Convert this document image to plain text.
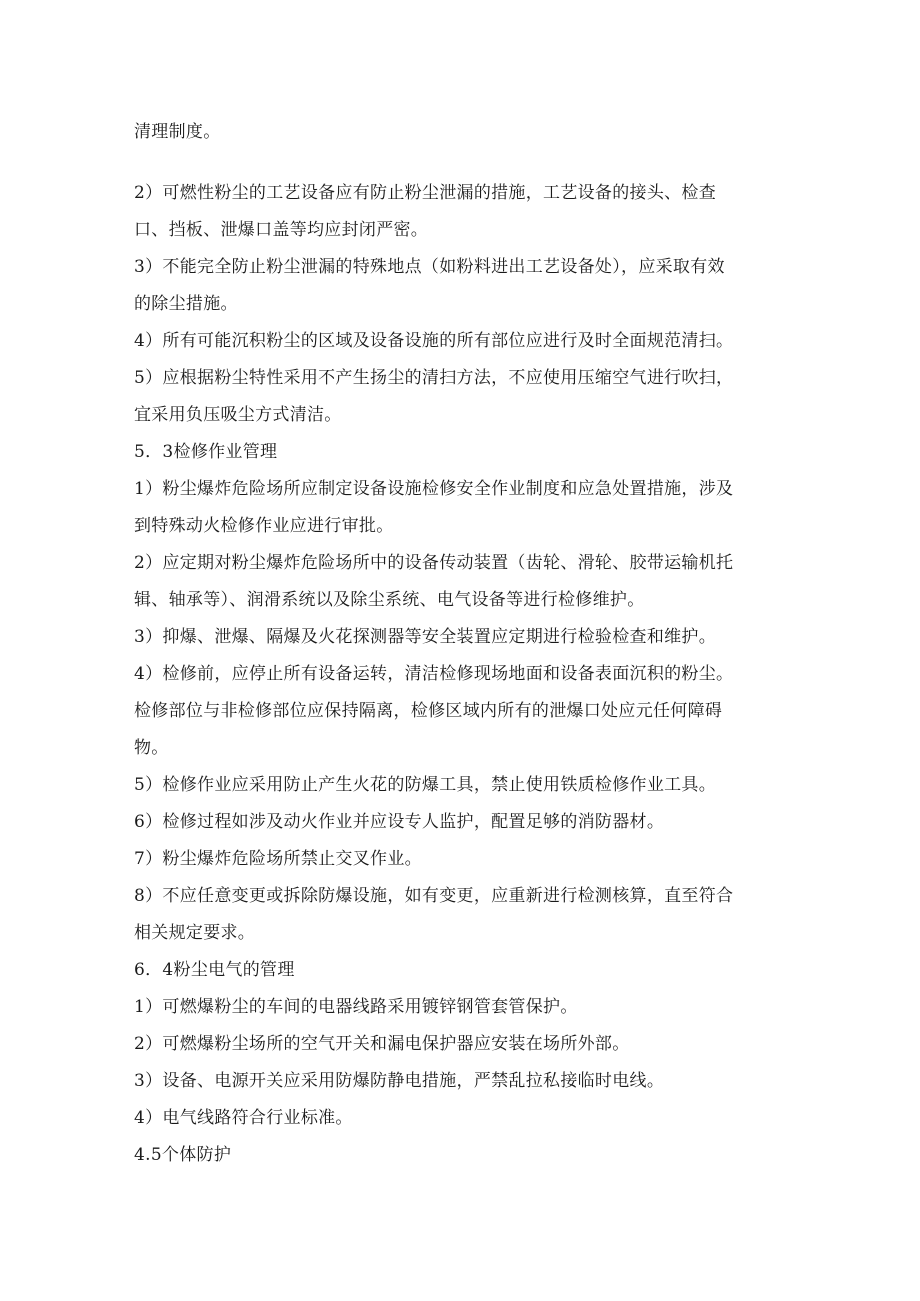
清理制度。
2）可燃性粉尘的工艺设备应有防止粉尘泄漏的措施，工艺设备的接头、检查
口、挡板、泄爆口盖等均应封闭严密。
3）不能完全防止粉尘泄漏的特殊地点（如粉料进出工艺设备处），应采取有效
的除尘措施。
4）所有可能沉积粉尘的区域及设备设施的所有部位应进行及时全面规范清扫。
5）应根据粉尘特性采用不产生扬尘的清扫方法，不应使用压缩空气进行吹扫，
宜采用负压吸尘方式清洁。
5．3检修作业管理
1）粉尘爆炸危险场所应制定设备设施检修安全作业制度和应急处置措施，涉及
到特殊动火检修作业应进行审批。
2）应定期对粉尘爆炸危险场所中的设备传动装置（齿轮、滑轮、胶带运输机托
辑、轴承等）、润滑系统以及除尘系统、电气设备等进行检修维护。
3）抑爆、泄爆、隔爆及火花探测器等安全装置应定期进行检验检查和维护。
4）检修前，应停止所有设备运转，清洁检修现场地面和设备表面沉积的粉尘。
检修部位与非检修部位应保持隔离，检修区域内所有的泄爆口处应元任何障碍
物。
5）检修作业应采用防止产生火花的防爆工具，禁止使用铁质检修作业工具。
6）检修过程如涉及动火作业并应设专人监护，配置足够的消防器材。
7）粉尘爆炸危险场所禁止交叉作业。
8）不应任意变更或拆除防爆设施，如有变更，应重新进行检测核算，直至符合
相关规定要求。
6．4粉尘电气的管理
1）可燃爆粉尘的车间的电器线路采用镀锌钢管套管保护。
2）可燃爆粉尘场所的空气开关和漏电保护器应安装在场所外部。
3）设备、电源开关应采用防爆防静电措施，严禁乱拉私接临时电线。
4）电气线路符合行业标准。
4.5个体防护
